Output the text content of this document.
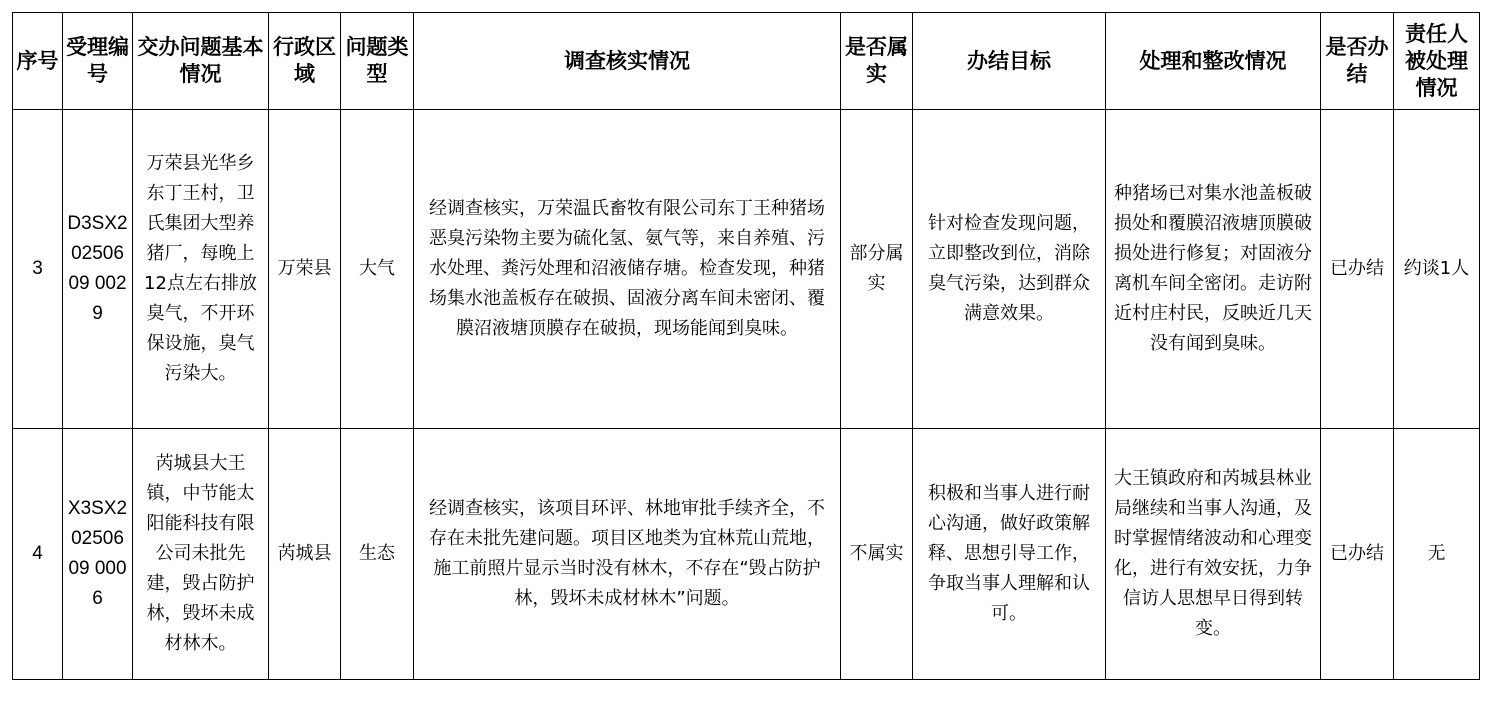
序号	受理编号	交办问题基本情况	行政区域	问题类型	调查核实情况	是否属实	办结目标	处理和整改情况	是否办结	责任人被处理情况
3	D3SX20250609 0029	万荣县光华乡东丁王村，卫氏集团大型养猪厂，每晚上12点左右排放臭气，不开环保设施，臭气污染大。	万荣县	大气	经调查核实，万荣温氏畜牧有限公司东丁王种猪场恶臭污染物主要为硫化氢、氨气等，来自养殖、污水处理、粪污处理和沼液储存塘。检查发现，种猪场集水池盖板存在破损、固液分离车间未密闭、覆膜沼液塘顶膜存在破损，现场能闻到臭味。	部分属实	针对检查发现问题，立即整改到位，消除臭气污染，达到群众满意效果。	种猪场已对集水池盖板破损处和覆膜沼液塘顶膜破损处进行修复；对固液分离机车间全密闭。走访附近村庄村民，反映近几天没有闻到臭味。	已办结	约谈1人
4	X3SX20250609 0006	芮城县大王镇，中节能太阳能科技有限公司未批先建，毁占防护林，毁坏未成材林木。	芮城县	生态	经调查核实，该项目环评、林地审批手续齐全，不存在未批先建问题。项目区地类为宜林荒山荒地，施工前照片显示当时没有林木，不存在“毁占防护林，毁坏未成材林木”问题。	不属实	积极和当事人进行耐心沟通，做好政策解释、思想引导工作，争取当事人理解和认可。	大王镇政府和芮城县林业局继续和当事人沟通，及时掌握情绪波动和心理变化，进行有效安抚，力争信访人思想早日得到转变。	已办结	无
